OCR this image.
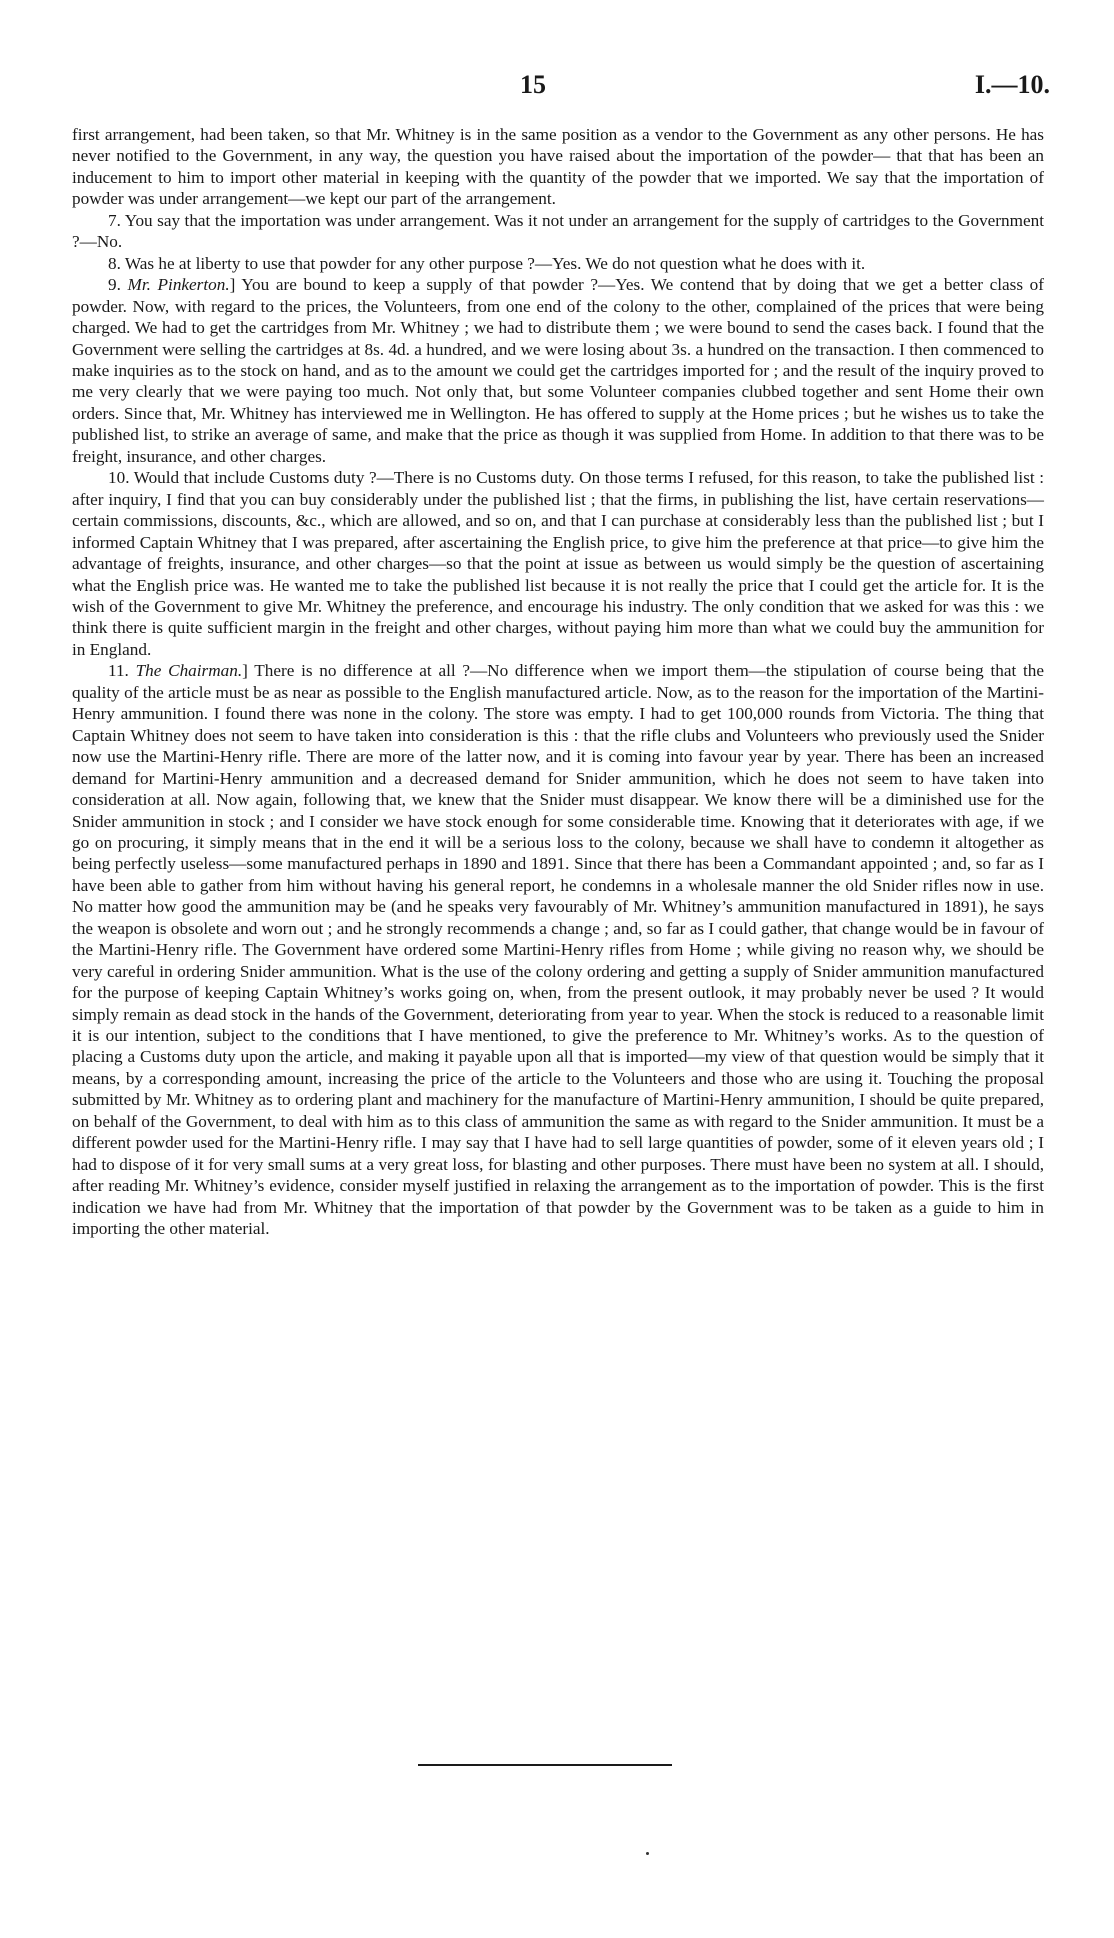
15	I.—10.

first arrangement, had been taken, so that Mr. Whitney is in the same position as a vendor to the Government as any other persons. He has never notified to the Government, in any way, the question you have raised about the importation of the powder— that that has been an inducement to him to import other material in keeping with the quantity of the powder that we imported. We say that the importation of powder was under arrangement—we kept our part of the arrangement.

7. You say that the importation was under arrangement. Was it not under an arrangement for the supply of cartridges to the Government ?—No.

8. Was he at liberty to use that powder for any other purpose ?—Yes. We do not question what he does with it.

9. Mr. Pinkerton.] You are bound to keep a supply of that powder ?—Yes. We contend that by doing that we get a better class of powder. Now, with regard to the prices, the Volunteers, from one end of the colony to the other, complained of the prices that were being charged. We had to get the cartridges from Mr. Whitney ; we had to distribute them ; we were bound to send the cases back. I found that the Government were selling the cartridges at 8s. 4d. a hundred, and we were losing about 3s. a hundred on the transaction. I then commenced to make inquiries as to the stock on hand, and as to the amount we could get the cartridges imported for ; and the result of the inquiry proved to me very clearly that we were paying too much. Not only that, but some Volunteer companies clubbed together and sent Home their own orders. Since that, Mr. Whitney has interviewed me in Wellington. He has offered to supply at the Home prices ; but he wishes us to take the published list, to strike an average of same, and make that the price as though it was supplied from Home. In addition to that there was to be freight, insurance, and other charges.

10. Would that include Customs duty ?—There is no Customs duty. On those terms I refused, for this reason, to take the published list : after inquiry, I find that you can buy considerably under the published list ; that the firms, in publishing the list, have certain reservations—certain commissions, discounts, &c., which are allowed, and so on, and that I can purchase at considerably less than the published list ; but I informed Captain Whitney that I was prepared, after ascertaining the English price, to give him the preference at that price—to give him the advantage of freights, insurance, and other charges—so that the point at issue as between us would simply be the question of ascertaining what the English price was. He wanted me to take the published list because it is not really the price that I could get the article for. It is the wish of the Government to give Mr. Whitney the preference, and encourage his industry. The only condition that we asked for was this : we think there is quite sufficient margin in the freight and other charges, without paying him more than what we could buy the ammunition for in England.

11. The Chairman.] There is no difference at all ?—No difference when we import them—the stipulation of course being that the quality of the article must be as near as possible to the English manufactured article. Now, as to the reason for the importation of the Martini-Henry ammunition. I found there was none in the colony. The store was empty. I had to get 100,000 rounds from Victoria. The thing that Captain Whitney does not seem to have taken into consideration is this : that the rifle clubs and Volunteers who previously used the Snider now use the Martini-Henry rifle. There are more of the latter now, and it is coming into favour year by year. There has been an increased demand for Martini-Henry ammunition and a decreased demand for Snider ammunition, which he does not seem to have taken into consideration at all. Now again, following that, we knew that the Snider must disappear. We know there will be a diminished use for the Snider ammunition in stock ; and I consider we have stock enough for some considerable time. Knowing that it deteriorates with age, if we go on procuring, it simply means that in the end it will be a serious loss to the colony, because we shall have to condemn it altogether as being perfectly useless—some manufactured perhaps in 1890 and 1891. Since that there has been a Commandant appointed ; and, so far as I have been able to gather from him without having his general report, he condemns in a wholesale manner the old Snider rifles now in use. No matter how good the ammunition may be (and he speaks very favourably of Mr. Whitney’s ammunition manufactured in 1891), he says the weapon is obsolete and worn out ; and he strongly recommends a change ; and, so far as I could gather, that change would be in favour of the Martini-Henry rifle. The Government have ordered some Martini-Henry rifles from Home ; while giving no reason why, we should be very careful in ordering Snider ammunition. What is the use of the colony ordering and getting a supply of Snider ammunition manufactured for the purpose of keeping Captain Whitney’s works going on, when, from the present outlook, it may probably never be used ? It would simply remain as dead stock in the hands of the Government, deteriorating from year to year. When the stock is reduced to a reasonable limit it is our intention, subject to the conditions that I have mentioned, to give the preference to Mr. Whitney’s works. As to the question of placing a Customs duty upon the article, and making it payable upon all that is imported—my view of that question would be simply that it means, by a corresponding amount, increasing the price of the article to the Volunteers and those who are using it. Touching the proposal submitted by Mr. Whitney as to ordering plant and machinery for the manufacture of Martini-Henry ammunition, I should be quite prepared, on behalf of the Government, to deal with him as to this class of ammunition the same as with regard to the Snider ammunition. It must be a different powder used for the Martini-Henry rifle. I may say that I have had to sell large quantities of powder, some of it eleven years old ; I had to dispose of it for very small sums at a very great loss, for blasting and other purposes. There must have been no system at all. I should, after reading Mr. Whitney’s evidence, consider myself justified in relaxing the arrangement as to the importation of powder. This is the first indication we have had from Mr. Whitney that the importation of that powder by the Government was to be taken as a guide to him in importing the other material.
